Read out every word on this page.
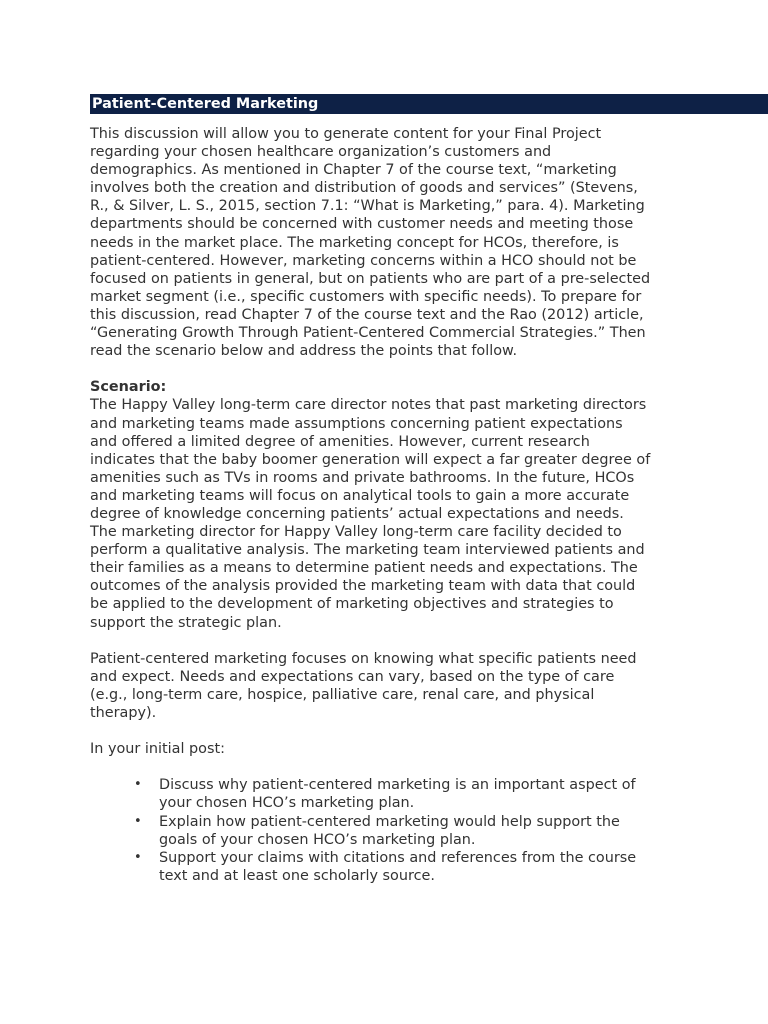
Patient-Centered Marketing
This discussion will allow you to generate content for your Final Project
regarding your chosen healthcare organization’s customers and
demographics. As mentioned in Chapter 7 of the course text, “marketing
involves both the creation and distribution of goods and services” (Stevens,
R., & Silver, L. S., 2015, section 7.1: “What is Marketing,” para. 4). Marketing
departments should be concerned with customer needs and meeting those
needs in the market place. The marketing concept for HCOs, therefore, is
patient-centered. However, marketing concerns within a HCO should not be
focused on patients in general, but on patients who are part of a pre-selected
market segment (i.e., specific customers with specific needs). To prepare for
this discussion, read Chapter 7 of the course text and the Rao (2012) article,
“Generating Growth Through Patient-Centered Commercial Strategies.” Then
read the scenario below and address the points that follow.
Scenario:
The Happy Valley long-term care director notes that past marketing directors
and marketing teams made assumptions concerning patient expectations
and offered a limited degree of amenities. However, current research
indicates that the baby boomer generation will expect a far greater degree of
amenities such as TVs in rooms and private bathrooms. In the future, HCOs
and marketing teams will focus on analytical tools to gain a more accurate
degree of knowledge concerning patients’ actual expectations and needs.
The marketing director for Happy Valley long-term care facility decided to
perform a qualitative analysis. The marketing team interviewed patients and
their families as a means to determine patient needs and expectations. The
outcomes of the analysis provided the marketing team with data that could
be applied to the development of marketing objectives and strategies to
support the strategic plan.
Patient-centered marketing focuses on knowing what specific patients need
and expect. Needs and expectations can vary, based on the type of care
(e.g., long-term care, hospice, palliative care, renal care, and physical
therapy).
In your initial post:
• Discuss why patient-centered marketing is an important aspect of
your chosen HCO’s marketing plan.
• Explain how patient-centered marketing would help support the
goals of your chosen HCO’s marketing plan.
• Support your claims with citations and references from the course
text and at least one scholarly source.
